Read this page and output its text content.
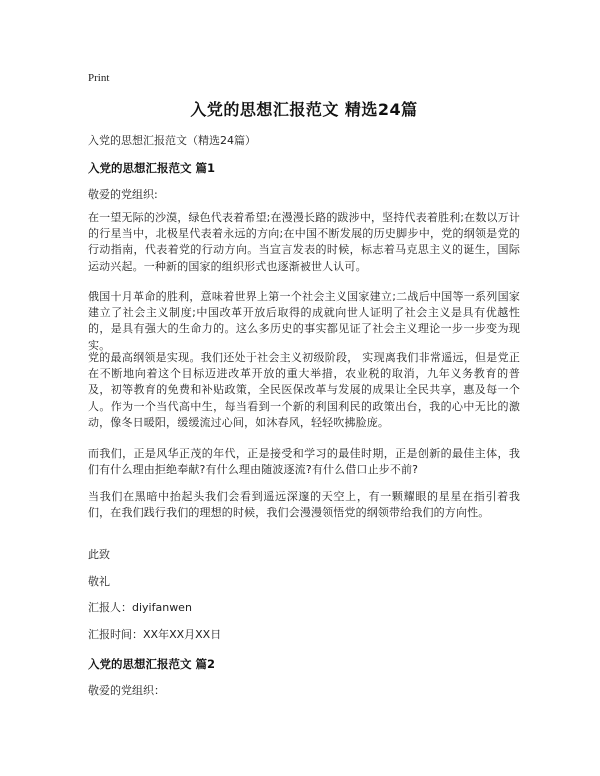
Print
入党的思想汇报范文 精选24篇
入党的思想汇报范文（精选24篇）
入党的思想汇报范文 篇1
敬爱的党组织:
在一望无际的沙漠，绿色代表着希望;在漫漫长路的跋涉中，坚持代表着胜利;在数以万计的行星当中，北极星代表着永远的方向;在中国不断发展的历史脚步中，党的纲领是党的行动指南，代表着党的行动方向。当宣言发表的时候，标志着马克思主义的诞生，国际运动兴起。一种新的国家的组织形式也逐渐被世人认可。
俄国十月革命的胜利，意味着世界上第一个社会主义国家建立;二战后中国等一系列国家建立了社会主义制度;中国改革开放后取得的成就向世人证明了社会主义是具有优越性的，是具有强大的生命力的。这么多历史的事实都见证了社会主义理论一步一步变为现实。
党的最高纲领是实现。我们还处于社会主义初级阶段， 实现离我们非常遥远，但是党正在不断地向着这个目标迈进改革开放的重大举措，农业税的取消，九年义务教育的普及，初等教育的免费和补贴政策，全民医保改革与发展的成果让全民共享，惠及每一个人。作为一个当代高中生，每当看到一个新的利国利民的政策出台，我的心中无比的激动，像冬日暖阳，缓缓流过心间，如沐春风，轻轻吹拂脸庞。
而我们，正是风华正茂的年代，正是接受和学习的最佳时期，正是创新的最佳主体，我们有什么理由拒绝奉献?有什么理由随波逐流?有什么借口止步不前?
当我们在黑暗中抬起头我们会看到遥远深邃的天空上，有一颗耀眼的星星在指引着我们，在我们践行我们的理想的时候，我们会漫漫领悟党的纲领带给我们的方向性。
此致
敬礼
汇报人：diyifanwen
汇报时间：XX年XX月XX日
入党的思想汇报范文 篇2
敬爱的党组织：
